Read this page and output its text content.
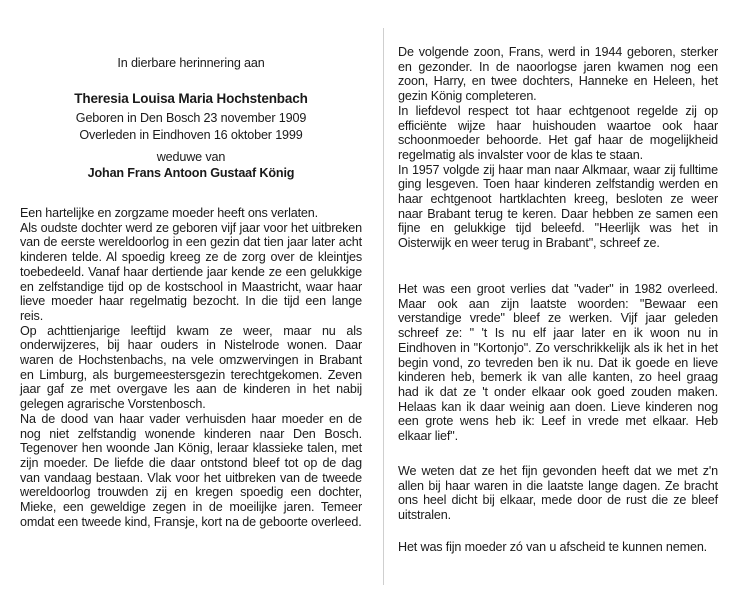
In dierbare herinnering aan
Theresia Louisa Maria Hochstenbach
Geboren in Den Bosch 23 november 1909
Overleden in Eindhoven 16 oktober 1999
weduwe van
Johan Frans Antoon Gustaaf König

Een hartelijke en zorgzame moeder heeft ons verlaten.

Als oudste dochter werd ze geboren vijf jaar voor het uitbreken van de eerste wereldoorlog in een gezin dat tien jaar later acht kinderen telde. Al spoedig kreeg ze de zorg over de kleintjes toebedeeld. Vanaf haar dertiende jaar kende ze een gelukkige en zelfstandige tijd op de kostschool in Maastricht, waar haar lieve moeder haar regelmatig bezocht. In die tijd een lange reis.

Op achttienjarige leeftijd kwam ze weer, maar nu als onderwijzeres, bij haar ouders in Nistelrode wonen. Daar waren de Hochstenbachs, na vele omzwervingen in Brabant en Limburg, als burgemeestersgezin terechtgekomen. Zeven jaar gaf ze met overgave les aan de kinderen in het nabij gelegen agrarische Vorstenbosch.

Na de dood van haar vader verhuisden haar moeder en de nog niet zelfstandig wonende kinderen naar Den Bosch. Tegenover hen woonde Jan König, leraar klassieke talen, met zijn moeder. De liefde die daar ontstond bleef tot op de dag van vandaag bestaan. Vlak voor het uitbreken van de tweede wereldoorlog trouwden zij en kregen spoedig een dochter, Mieke, een geweldige zegen in de moeilijke jaren. Temeer omdat een tweede kind, Fransje, kort na de geboorte overleed.

De volgende zoon, Frans, werd in 1944 geboren, sterker en gezonder. In de naoorlogse jaren kwamen nog een zoon, Harry, en twee dochters, Hanneke en Heleen, het gezin König completeren.

In liefdevol respect tot haar echtgenoot regelde zij op efficiënte wijze haar huishouden waartoe ook haar schoonmoeder behoorde. Het gaf haar de mogelijkheid regelmatig als invalster voor de klas te staan.

In 1957 volgde zij haar man naar Alkmaar, waar zij fulltime ging lesgeven. Toen haar kinderen zelfstandig werden en haar echtgenoot hartklachten kreeg, besloten ze weer naar Brabant terug te keren. Daar hebben ze samen een fijne en gelukkige tijd beleefd. "Heerlijk was het in Oisterwijk en weer terug in Brabant", schreef ze.

Het was een groot verlies dat "vader" in 1982 overleed. Maar ook aan zijn laatste woorden: "Bewaar een verstandige vrede" bleef ze werken. Vijf jaar geleden schreef ze: " 't Is nu elf jaar later en ik woon nu in Eindhoven in "Kortonjo". Zo verschrikkelijk als ik het in het begin vond, zo tevreden ben ik nu. Dat ik goede en lieve kinderen heb, bemerk ik van alle kanten, zo heel graag had ik dat ze 't onder elkaar ook goed zouden maken. Helaas kan ik daar weinig aan doen. Lieve kinderen nog een grote wens heb ik: Leef in vrede met elkaar. Heb elkaar lief".

We weten dat ze het fijn gevonden heeft dat we met z'n allen bij haar waren in die laatste lange dagen. Ze bracht ons heel dicht bij elkaar, mede door de rust die ze bleef uitstralen.

Het was fijn moeder zó van u afscheid te kunnen nemen.
